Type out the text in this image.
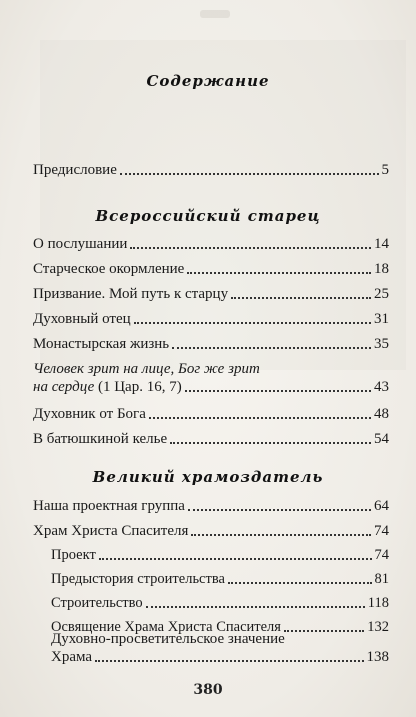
Содержание
Предисловие	5
Всероссийский старец
О послушании	14
Старческое окормление	18
Призвание. Мой путь к старцу	25
Духовный отец	31
Монастырская жизнь	35
Человек зрит на лице, Бог же зрит
на сердце (1 Цар. 16, 7)	43
Духовник от Бога	48
В батюшкиной келье	54
Великий храмоздатель
Наша проектная группа	64
Храм Христа Спасителя	74
Проект	74
Предыстория строительства	81
Строительство	118
Освящение Храма Христа Спасителя	132
Духовно-просветительское значение
Храма	138
380
